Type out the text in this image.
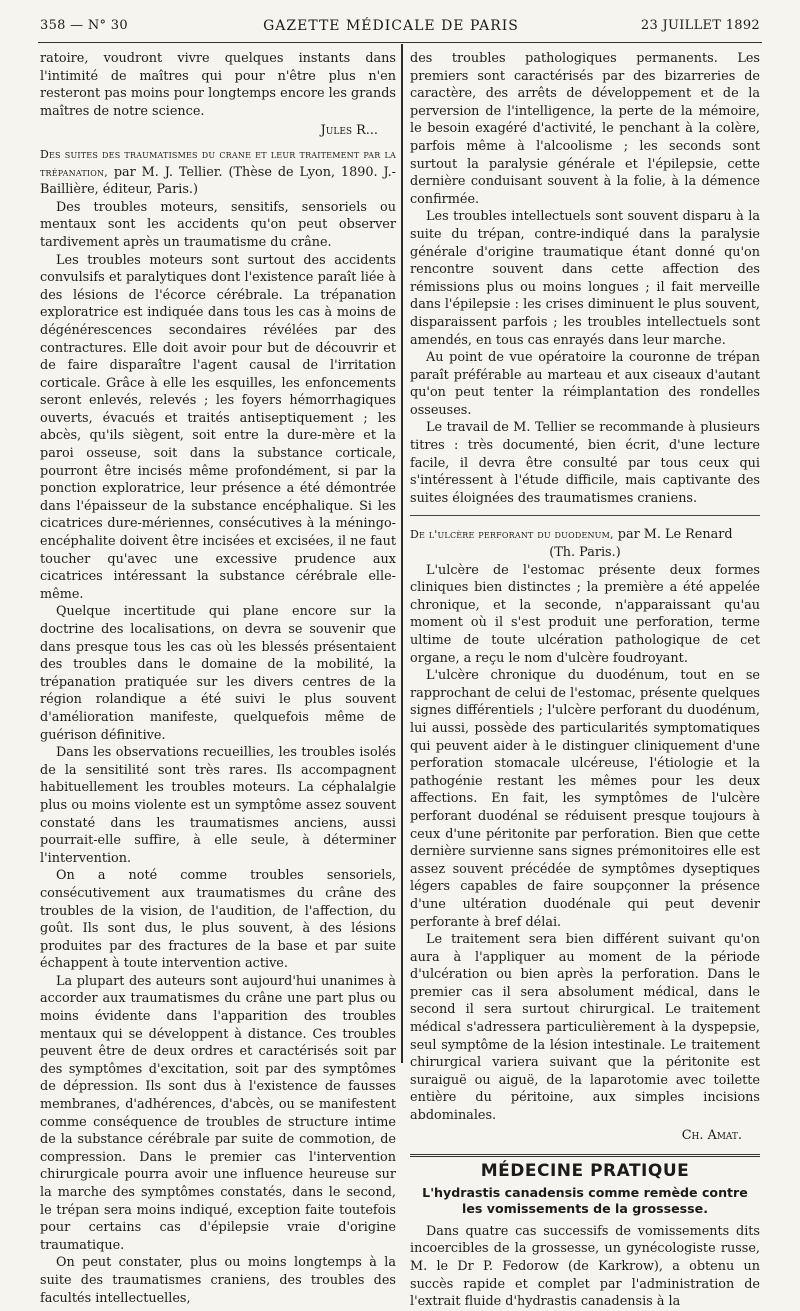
358 — N° 30	GAZETTE MÉDICALE DE PARIS	23 JUILLET 1892

ratoire, voudront vivre quelques instants dans l'intimité de maîtres qui pour n'être plus n'en resteront pas moins pour longtemps encore les grands maîtres de notre science.

Jules R...

Des suites des traumatismes du crane et leur traitement par la trépanation, par M. J. Tellier. (Thèse de Lyon, 1890. J.-Baillière, éditeur, Paris.)

Des troubles moteurs, sensitifs, sensoriels ou mentaux sont les accidents qu'on peut observer tardivement après un traumatisme du crâne.

Les troubles moteurs sont surtout des accidents convulsifs et paralytiques dont l'existence paraît liée à des lésions de l'écorce cérébrale. La trépanation exploratrice est indiquée dans tous les cas à moins de dégénérescences secondaires révélées par des contractures. Elle doit avoir pour but de découvrir et de faire disparaître l'agent causal de l'irritation corticale. Grâce à elle les esquilles, les enfoncements seront enlevés, relevés ; les foyers hémorrhagiques ouverts, évacués et traités antiseptiquement ; les abcès, qu'ils siègent, soit entre la dure-mère et la paroi osseuse, soit dans la substance corticale, pourront être incisés même profondément, si par la ponction exploratrice, leur présence a été démontrée dans l'épaisseur de la substance encéphalique. Si les cicatrices dure-mériennes, consécutives à la méningo-encéphalite doivent être incisées et excisées, il ne faut toucher qu'avec une excessive prudence aux cicatrices intéressant la substance cérébrale elle-même.

Quelque incertitude qui plane encore sur la doctrine des localisations, on devra se souvenir que dans presque tous les cas où les blessés présentaient des troubles dans le domaine de la mobilité, la trépanation pratiquée sur les divers centres de la région rolandique a été suivi le plus souvent d'amélioration manifeste, quelquefois même de guérison définitive.

Dans les observations recueillies, les troubles isolés de la sensitilité sont très rares. Ils accompagnent habituellement les troubles moteurs. La céphalalgie plus ou moins violente est un symptôme assez souvent constaté dans les traumatismes anciens, aussi pourrait-elle suffire, à elle seule, à déterminer l'intervention.

On a noté comme troubles sensoriels, consécutivement aux traumatismes du crâne des troubles de la vision, de l'audition, de l'affection, du goût. Ils sont dus, le plus souvent, à des lésions produites par des fractures de la base et par suite échappent à toute intervention active.

La plupart des auteurs sont aujourd'hui unanimes à accorder aux traumatismes du crâne une part plus ou moins évidente dans l'apparition des troubles mentaux qui se développent à distance. Ces troubles peuvent être de deux ordres et caractérisés soit par des symptômes d'excitation, soit par des symptômes de dépression. Ils sont dus à l'existence de fausses membranes, d'adhérences, d'abcès, ou se manifestent comme conséquence de troubles de structure intime de la substance cérébrale par suite de commotion, de compression. Dans le premier cas l'intervention chirurgicale pourra avoir une influence heureuse sur la marche des symptômes constatés, dans le second, le trépan sera moins indiqué, exception faite toutefois pour certains cas d'épilepsie vraie d'origine traumatique.

On peut constater, plus ou moins longtemps à la suite des traumatismes craniens, des troubles des facultés intellectuelles,

des troubles pathologiques permanents. Les premiers sont caractérisés par des bizarreries de caractère, des arrêts de développement et de la perversion de l'intelligence, la perte de la mémoire, le besoin exagéré d'activité, le penchant à la colère, parfois même à l'alcoolisme ; les seconds sont surtout la paralysie générale et l'épilepsie, cette dernière conduisant souvent à la folie, à la démence confirmée.

Les troubles intellectuels sont souvent disparu à la suite du trépan, contre-indiqué dans la paralysie générale d'origine traumatique étant donné qu'on rencontre souvent dans cette affection des rémissions plus ou moins longues ; il fait merveille dans l'épilepsie : les crises diminuent le plus souvent, disparaissent parfois ; les troubles intellectuels sont amendés, en tous cas enrayés dans leur marche.

Au point de vue opératoire la couronne de trépan paraît préférable au marteau et aux ciseaux d'autant qu'on peut tenter la réimplantation des rondelles osseuses.

Le travail de M. Tellier se recommande à plusieurs titres : très documenté, bien écrit, d'une lecture facile, il devra être consulté par tous ceux qui s'intéressent à l'étude difficile, mais captivante des suites éloignées des traumatismes craniens.

De l'ulcère perforant du duodenum, par M. Le Renard

(Th. Paris.)

L'ulcère de l'estomac présente deux formes cliniques bien distinctes ; la première a été appelée chronique, et la seconde, n'apparaissant qu'au moment où il s'est produit une perforation, terme ultime de toute ulcération pathologique de cet organe, a reçu le nom d'ulcère foudroyant.

L'ulcère chronique du duodénum, tout en se rapprochant de celui de l'estomac, présente quelques signes différentiels ; l'ulcère perforant du duodénum, lui aussi, possède des particularités symptomatiques qui peuvent aider à le distinguer cliniquement d'une perforation stomacale ulcéreuse, l'étiologie et la pathogénie restant les mêmes pour les deux affections. En fait, les symptômes de l'ulcère perforant duodénal se réduisent presque toujours à ceux d'une péritonite par perforation. Bien que cette dernière survienne sans signes prémonitoires elle est assez souvent précédée de symptômes dyseptiques légers capables de faire soupçonner la présence d'une ultération duodénale qui peut devenir perforante à bref délai.

Le traitement sera bien différent suivant qu'on aura à l'appliquer au moment de la période d'ulcération ou bien après la perforation. Dans le premier cas il sera absolument médical, dans le second il sera surtout chirurgical. Le traitement médical s'adressera particulièrement à la dyspepsie, seul symptôme de la lésion intestinale. Le traitement chirurgical variera suivant que la péritonite est suraiguë ou aiguë, de la laparotomie avec toilette entière du péritoine, aux simples incisions abdominales.

Ch. Amat.

MÉDECINE PRATIQUE

L'hydrastis canadensis comme remède contre les vomissements de la grossesse.

Dans quatre cas successifs de vomissements dits incoercibles de la grossesse, un gynécologiste russe, M. le Dr P. Fedorow (de Karkrow), a obtenu un succès rapide et complet par l'administration de l'extrait fluide d'hydrastis canadensis à la
